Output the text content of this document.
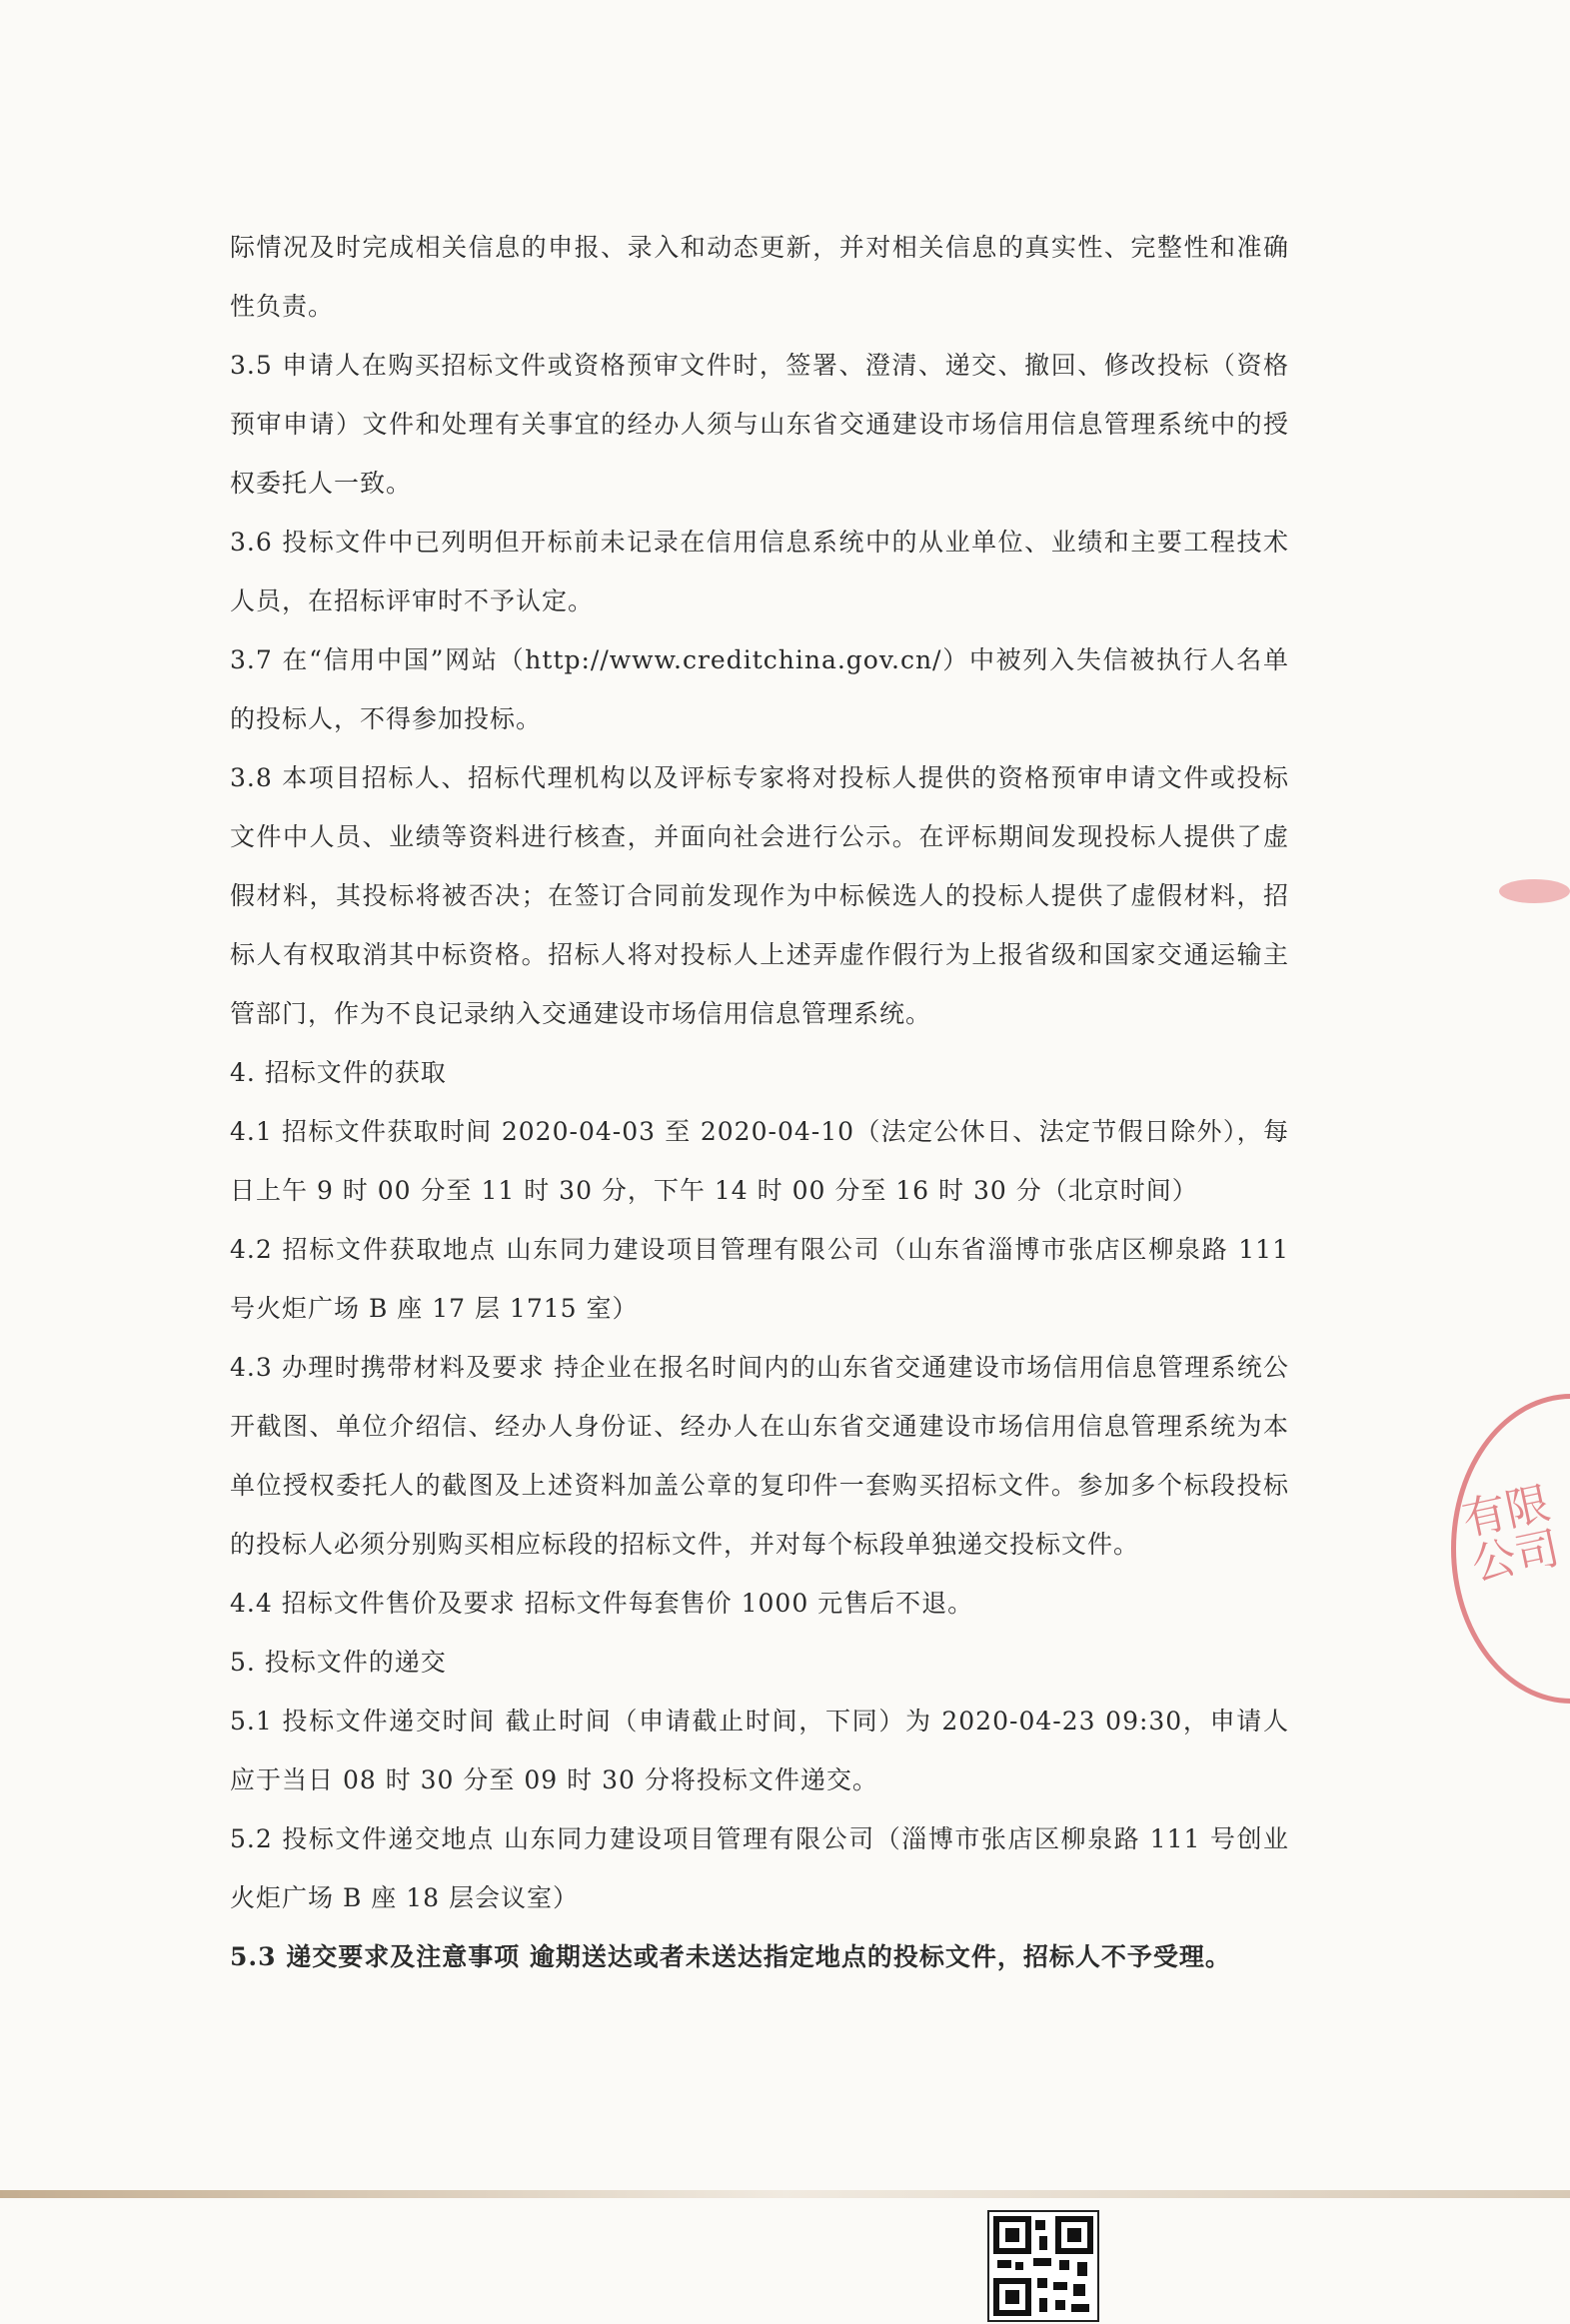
际情况及时完成相关信息的申报、录入和动态更新，并对相关信息的真实性、完整性和准确性负责。

3.5 申请人在购买招标文件或资格预审文件时，签署、澄清、递交、撤回、修改投标（资格预审申请）文件和处理有关事宜的经办人须与山东省交通建设市场信用信息管理系统中的授权委托人一致。

3.6 投标文件中已列明但开标前未记录在信用信息系统中的从业单位、业绩和主要工程技术人员，在招标评审时不予认定。

3.7 在“信用中国”网站（http://www.creditchina.gov.cn/）中被列入失信被执行人名单的投标人，不得参加投标。

3.8 本项目招标人、招标代理机构以及评标专家将对投标人提供的资格预审申请文件或投标文件中人员、业绩等资料进行核查，并面向社会进行公示。在评标期间发现投标人提供了虚假材料，其投标将被否决；在签订合同前发现作为中标候选人的投标人提供了虚假材料，招标人有权取消其中标资格。招标人将对投标人上述弄虚作假行为上报省级和国家交通运输主管部门，作为不良记录纳入交通建设市场信用信息管理系统。

4. 招标文件的获取

4.1 招标文件获取时间 2020-04-03 至 2020-04-10（法定公休日、法定节假日除外），每日上午 9 时 00 分至 11 时 30 分，下午 14 时 00 分至 16 时 30 分（北京时间）

4.2 招标文件获取地点 山东同力建设项目管理有限公司（山东省淄博市张店区柳泉路 111 号火炬广场 B 座 17 层 1715 室）

4.3 办理时携带材料及要求 持企业在报名时间内的山东省交通建设市场信用信息管理系统公开截图、单位介绍信、经办人身份证、经办人在山东省交通建设市场信用信息管理系统为本单位授权委托人的截图及上述资料加盖公章的复印件一套购买招标文件。参加多个标段投标的投标人必须分别购买相应标段的招标文件，并对每个标段单独递交投标文件。

4.4 招标文件售价及要求 招标文件每套售价 1000 元售后不退。

5. 投标文件的递交

5.1 投标文件递交时间 截止时间（申请截止时间，下同）为 2020-04-23 09:30，申请人应于当日 08 时 30 分至 09 时 30 分将投标文件递交。

5.2 投标文件递交地点 山东同力建设项目管理有限公司（淄博市张店区柳泉路 111 号创业火炬广场 B 座 18 层会议室）

5.3 递交要求及注意事项 逾期送达或者未送达指定地点的投标文件，招标人不予受理。

有限公司
